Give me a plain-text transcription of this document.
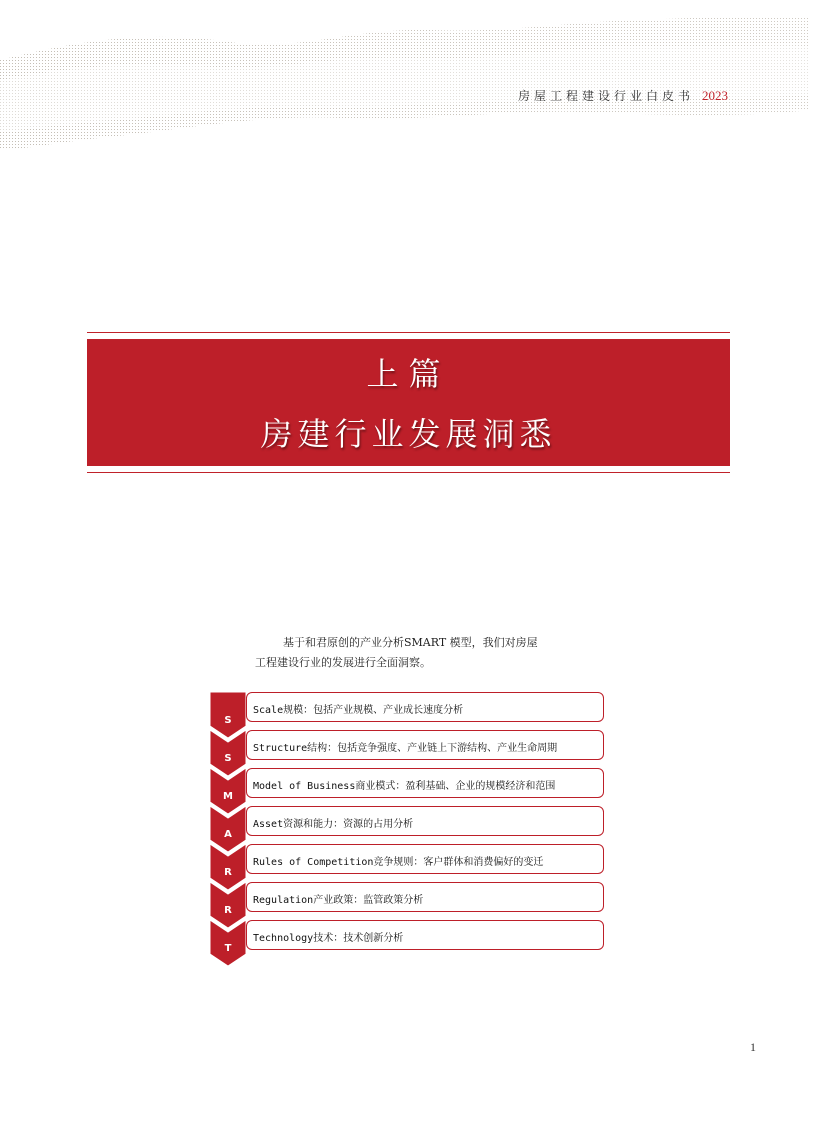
房屋工程建设行业白皮书 2023
上篇
房建行业发展洞悉
基于和君原创的产业分析SMART 模型，我们对房屋
工程建设行业的发展进行全面洞察。
Scale规模：包括产业规模、产业成长速度分析
Structure结构：包括竞争强度、产业链上下游结构、产业生命周期
Model of Business商业模式：盈利基础、企业的规模经济和范围
Asset资源和能力：资源的占用分析
Rules of Competition竞争规则：客户群体和消费偏好的变迁
Regulation产业政策：监管政策分析
Technology技术：技术创新分析
S
S
M
A
R
R
T
1
